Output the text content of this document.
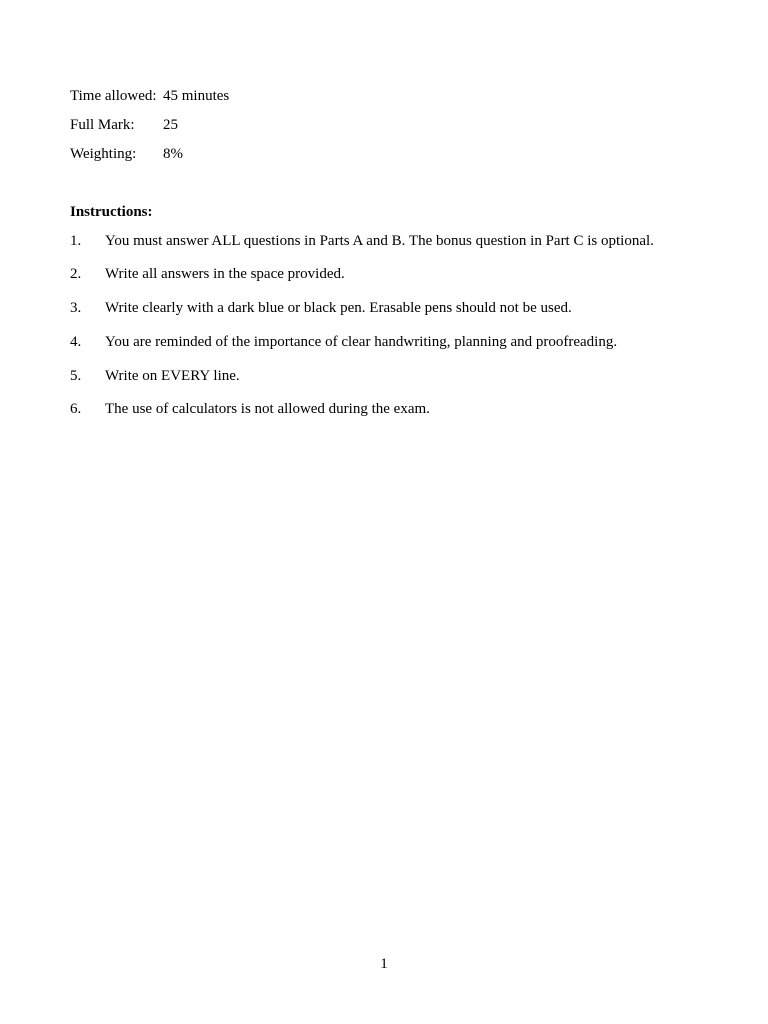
Time allowed: 45 minutes
Full Mark: 25
Weighting: 8%
Instructions:
1. You must answer ALL questions in Parts A and B. The bonus question in Part C is optional.
2. Write all answers in the space provided.
3. Write clearly with a dark blue or black pen. Erasable pens should not be used.
4. You are reminded of the importance of clear handwriting, planning and proofreading.
5. Write on EVERY line.
6. The use of calculators is not allowed during the exam.
1
